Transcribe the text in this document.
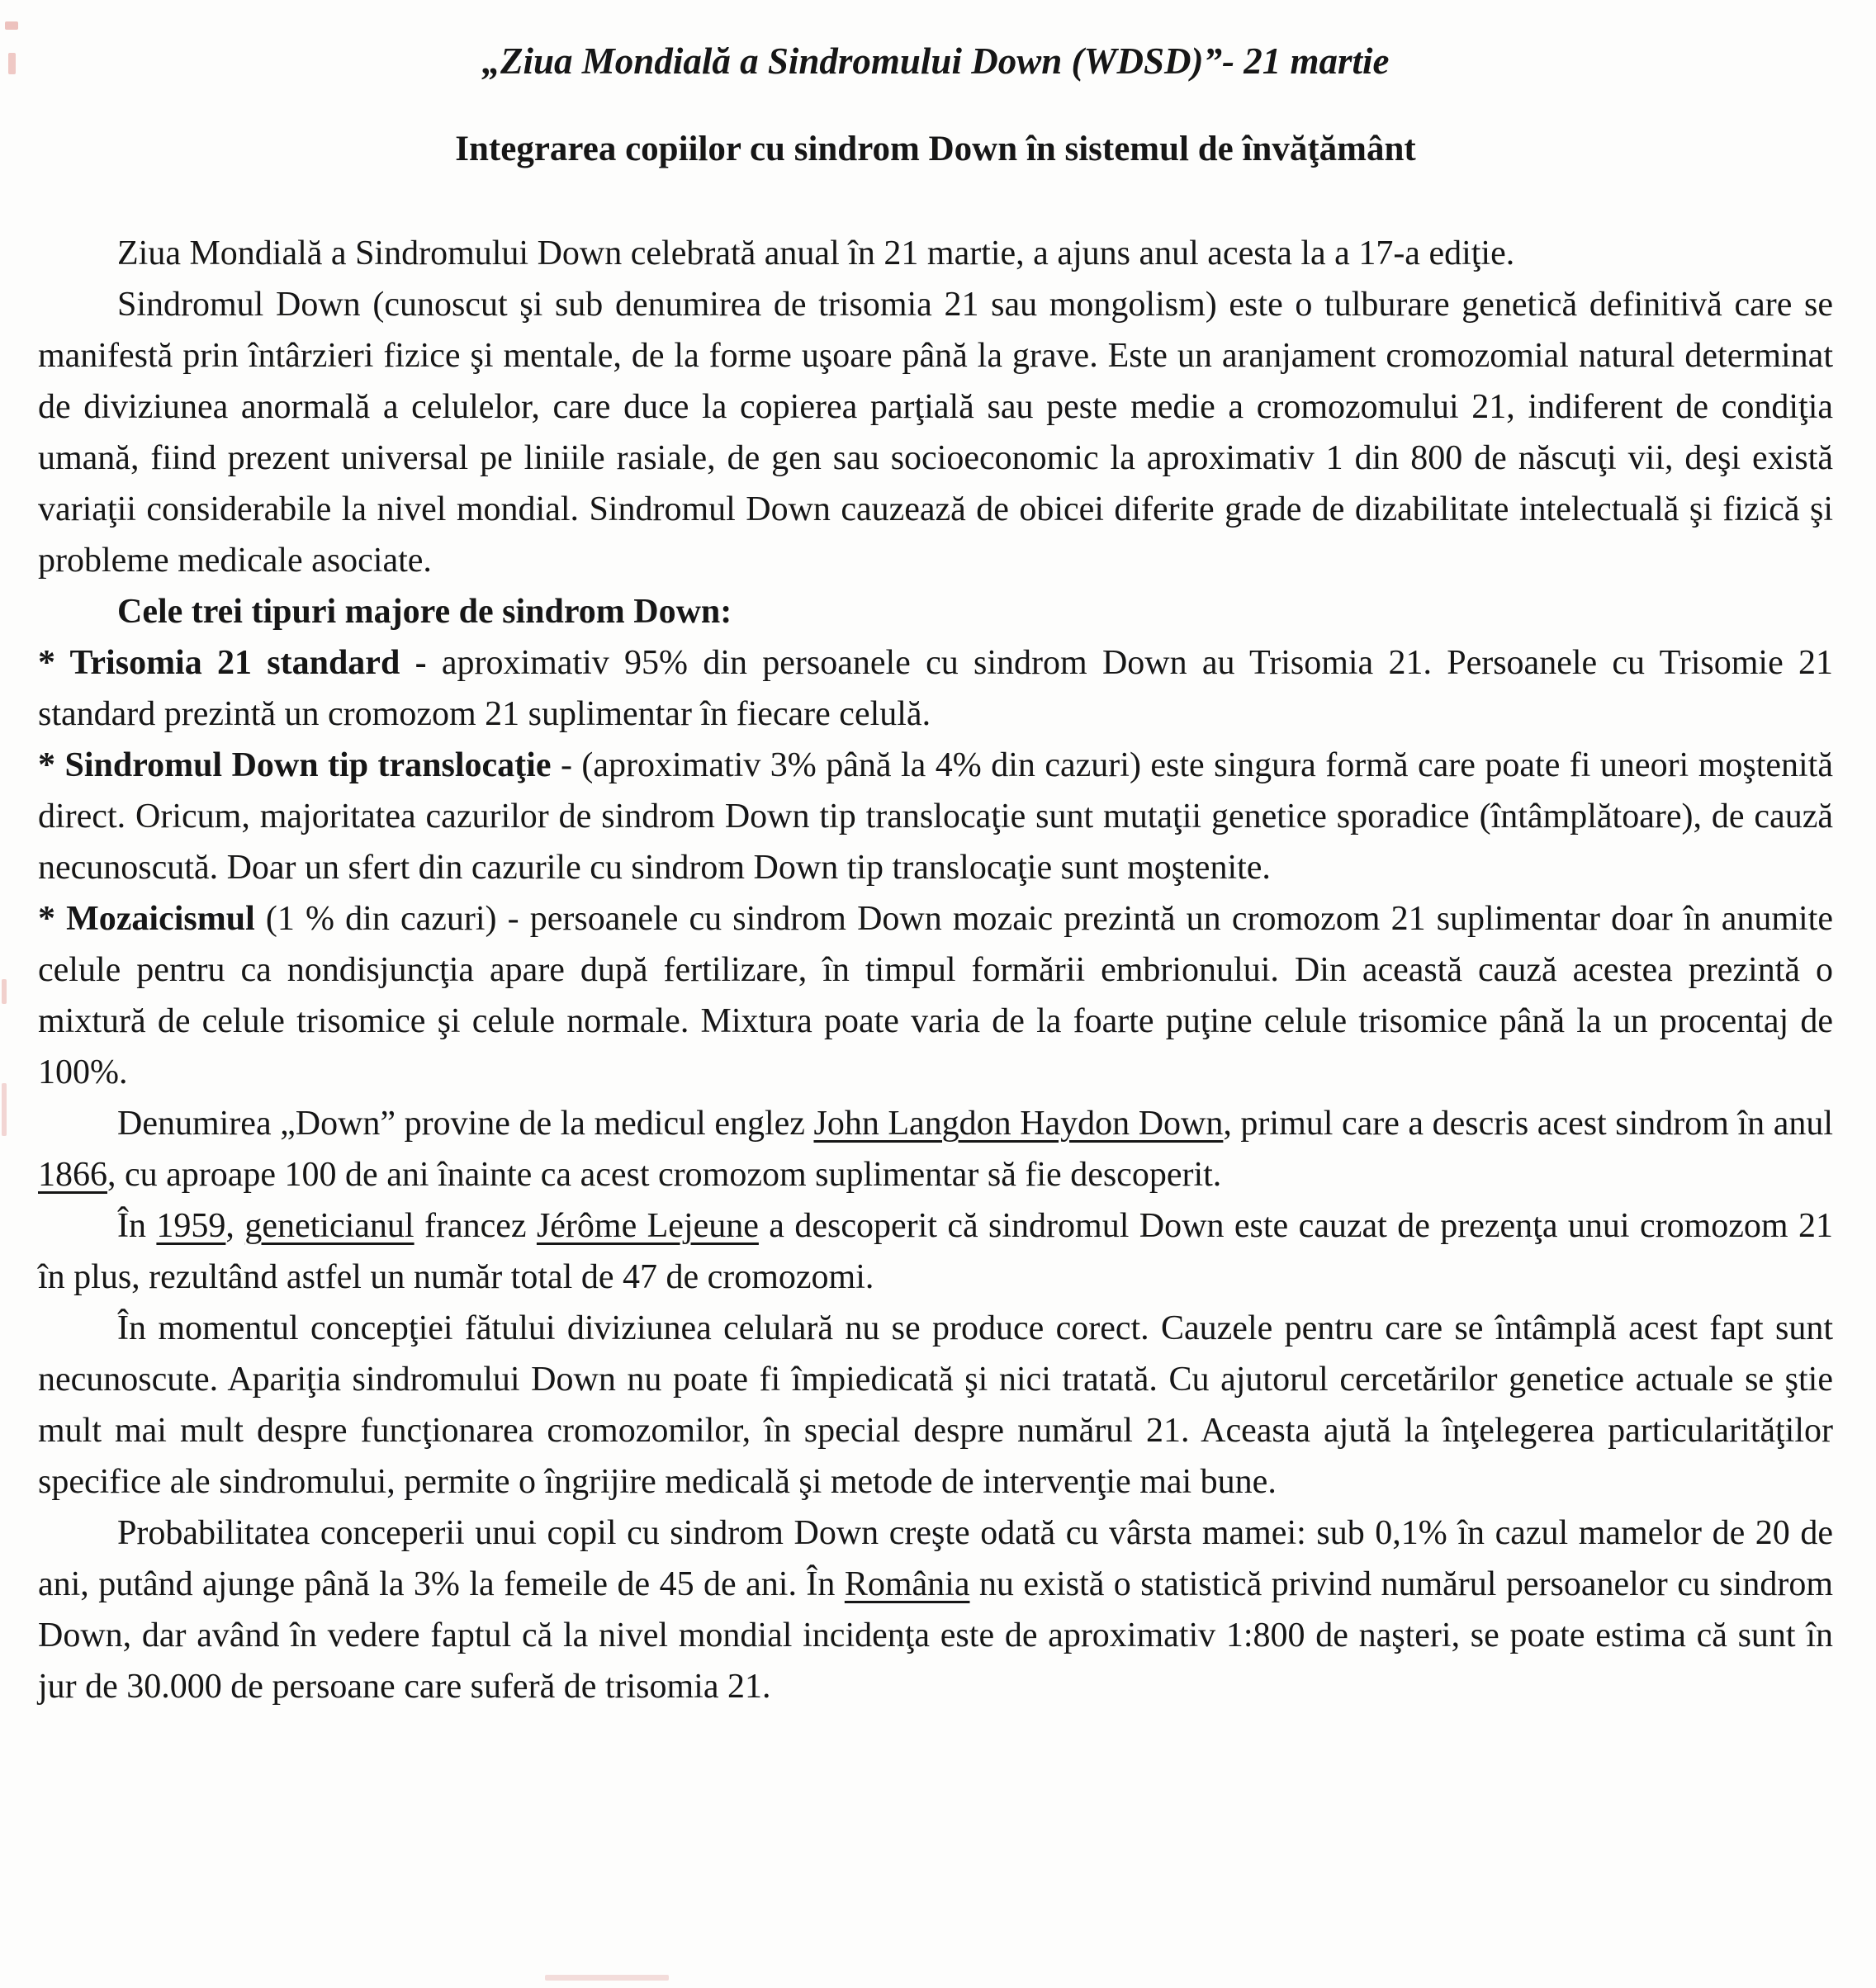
„Ziua Mondială a Sindromului Down (WDSD)”- 21 martie
Integrarea copiilor cu sindrom Down în sistemul de învăţământ

Ziua Mondială a Sindromului Down celebrată anual în 21 martie, a ajuns anul acesta la a 17-a ediţie.

Sindromul Down (cunoscut şi sub denumirea de trisomia 21 sau mongolism) este o tulburare genetică definitivă care se manifestă prin întârzieri fizice şi mentale, de la forme uşoare până la grave. Este un aranjament cromozomial natural determinat de diviziunea anormală a celulelor, care duce la copierea parţială sau peste medie a cromozomului 21, indiferent de condiţia umană, fiind prezent universal pe liniile rasiale, de gen sau socioeconomic la aproximativ 1 din 800 de născuţi vii, deşi există variaţii considerabile la nivel mondial. Sindromul Down cauzează de obicei diferite grade de dizabilitate intelectuală şi fizică şi probleme medicale asociate.

Cele trei tipuri majore de sindrom Down:

* Trisomia 21 standard - aproximativ 95% din persoanele cu sindrom Down au Trisomia 21. Persoanele cu Trisomie 21 standard prezintă un cromozom 21 suplimentar în fiecare celulă.

* Sindromul Down tip translocaţie - (aproximativ 3% până la 4% din cazuri) este singura formă care poate fi uneori moştenită direct. Oricum, majoritatea cazurilor de sindrom Down tip translocaţie sunt mutaţii genetice sporadice (întâmplătoare), de cauză necunoscută. Doar un sfert din cazurile cu sindrom Down tip translocaţie sunt moştenite.

* Mozaicismul (1 % din cazuri) - persoanele cu sindrom Down mozaic prezintă un cromozom 21 suplimentar doar în anumite celule pentru ca nondisjuncţia apare după fertilizare, în timpul formării embrionului. Din această cauză acestea prezintă o mixtură de celule trisomice şi celule normale. Mixtura poate varia de la foarte puţine celule trisomice până la un procentaj de 100%.

Denumirea „Down” provine de la medicul englez John Langdon Haydon Down, primul care a descris acest sindrom în anul 1866, cu aproape 100 de ani înainte ca acest cromozom suplimentar să fie descoperit.

În 1959, geneticianul francez Jérôme Lejeune a descoperit că sindromul Down este cauzat de prezenţa unui cromozom 21 în plus, rezultând astfel un număr total de 47 de cromozomi.

În momentul concepţiei fătului diviziunea celulară nu se produce corect. Cauzele pentru care se întâmplă acest fapt sunt necunoscute. Apariţia sindromului Down nu poate fi împiedicată şi nici tratată. Cu ajutorul cercetărilor genetice actuale se ştie mult mai mult despre funcţionarea cromozomilor, în special despre numărul 21. Aceasta ajută la înţelegerea particularităţilor specifice ale sindromului, permite o îngrijire medicală şi metode de intervenţie mai bune.

Probabilitatea conceperii unui copil cu sindrom Down creşte odată cu vârsta mamei: sub 0,1% în cazul mamelor de 20 de ani, putând ajunge până la 3% la femeile de 45 de ani. În România nu există o statistică privind numărul persoanelor cu sindrom Down, dar având în vedere faptul că la nivel mondial incidenţa este de aproximativ 1:800 de naşteri, se poate estima că sunt în jur de 30.000 de persoane care suferă de trisomia 21.
